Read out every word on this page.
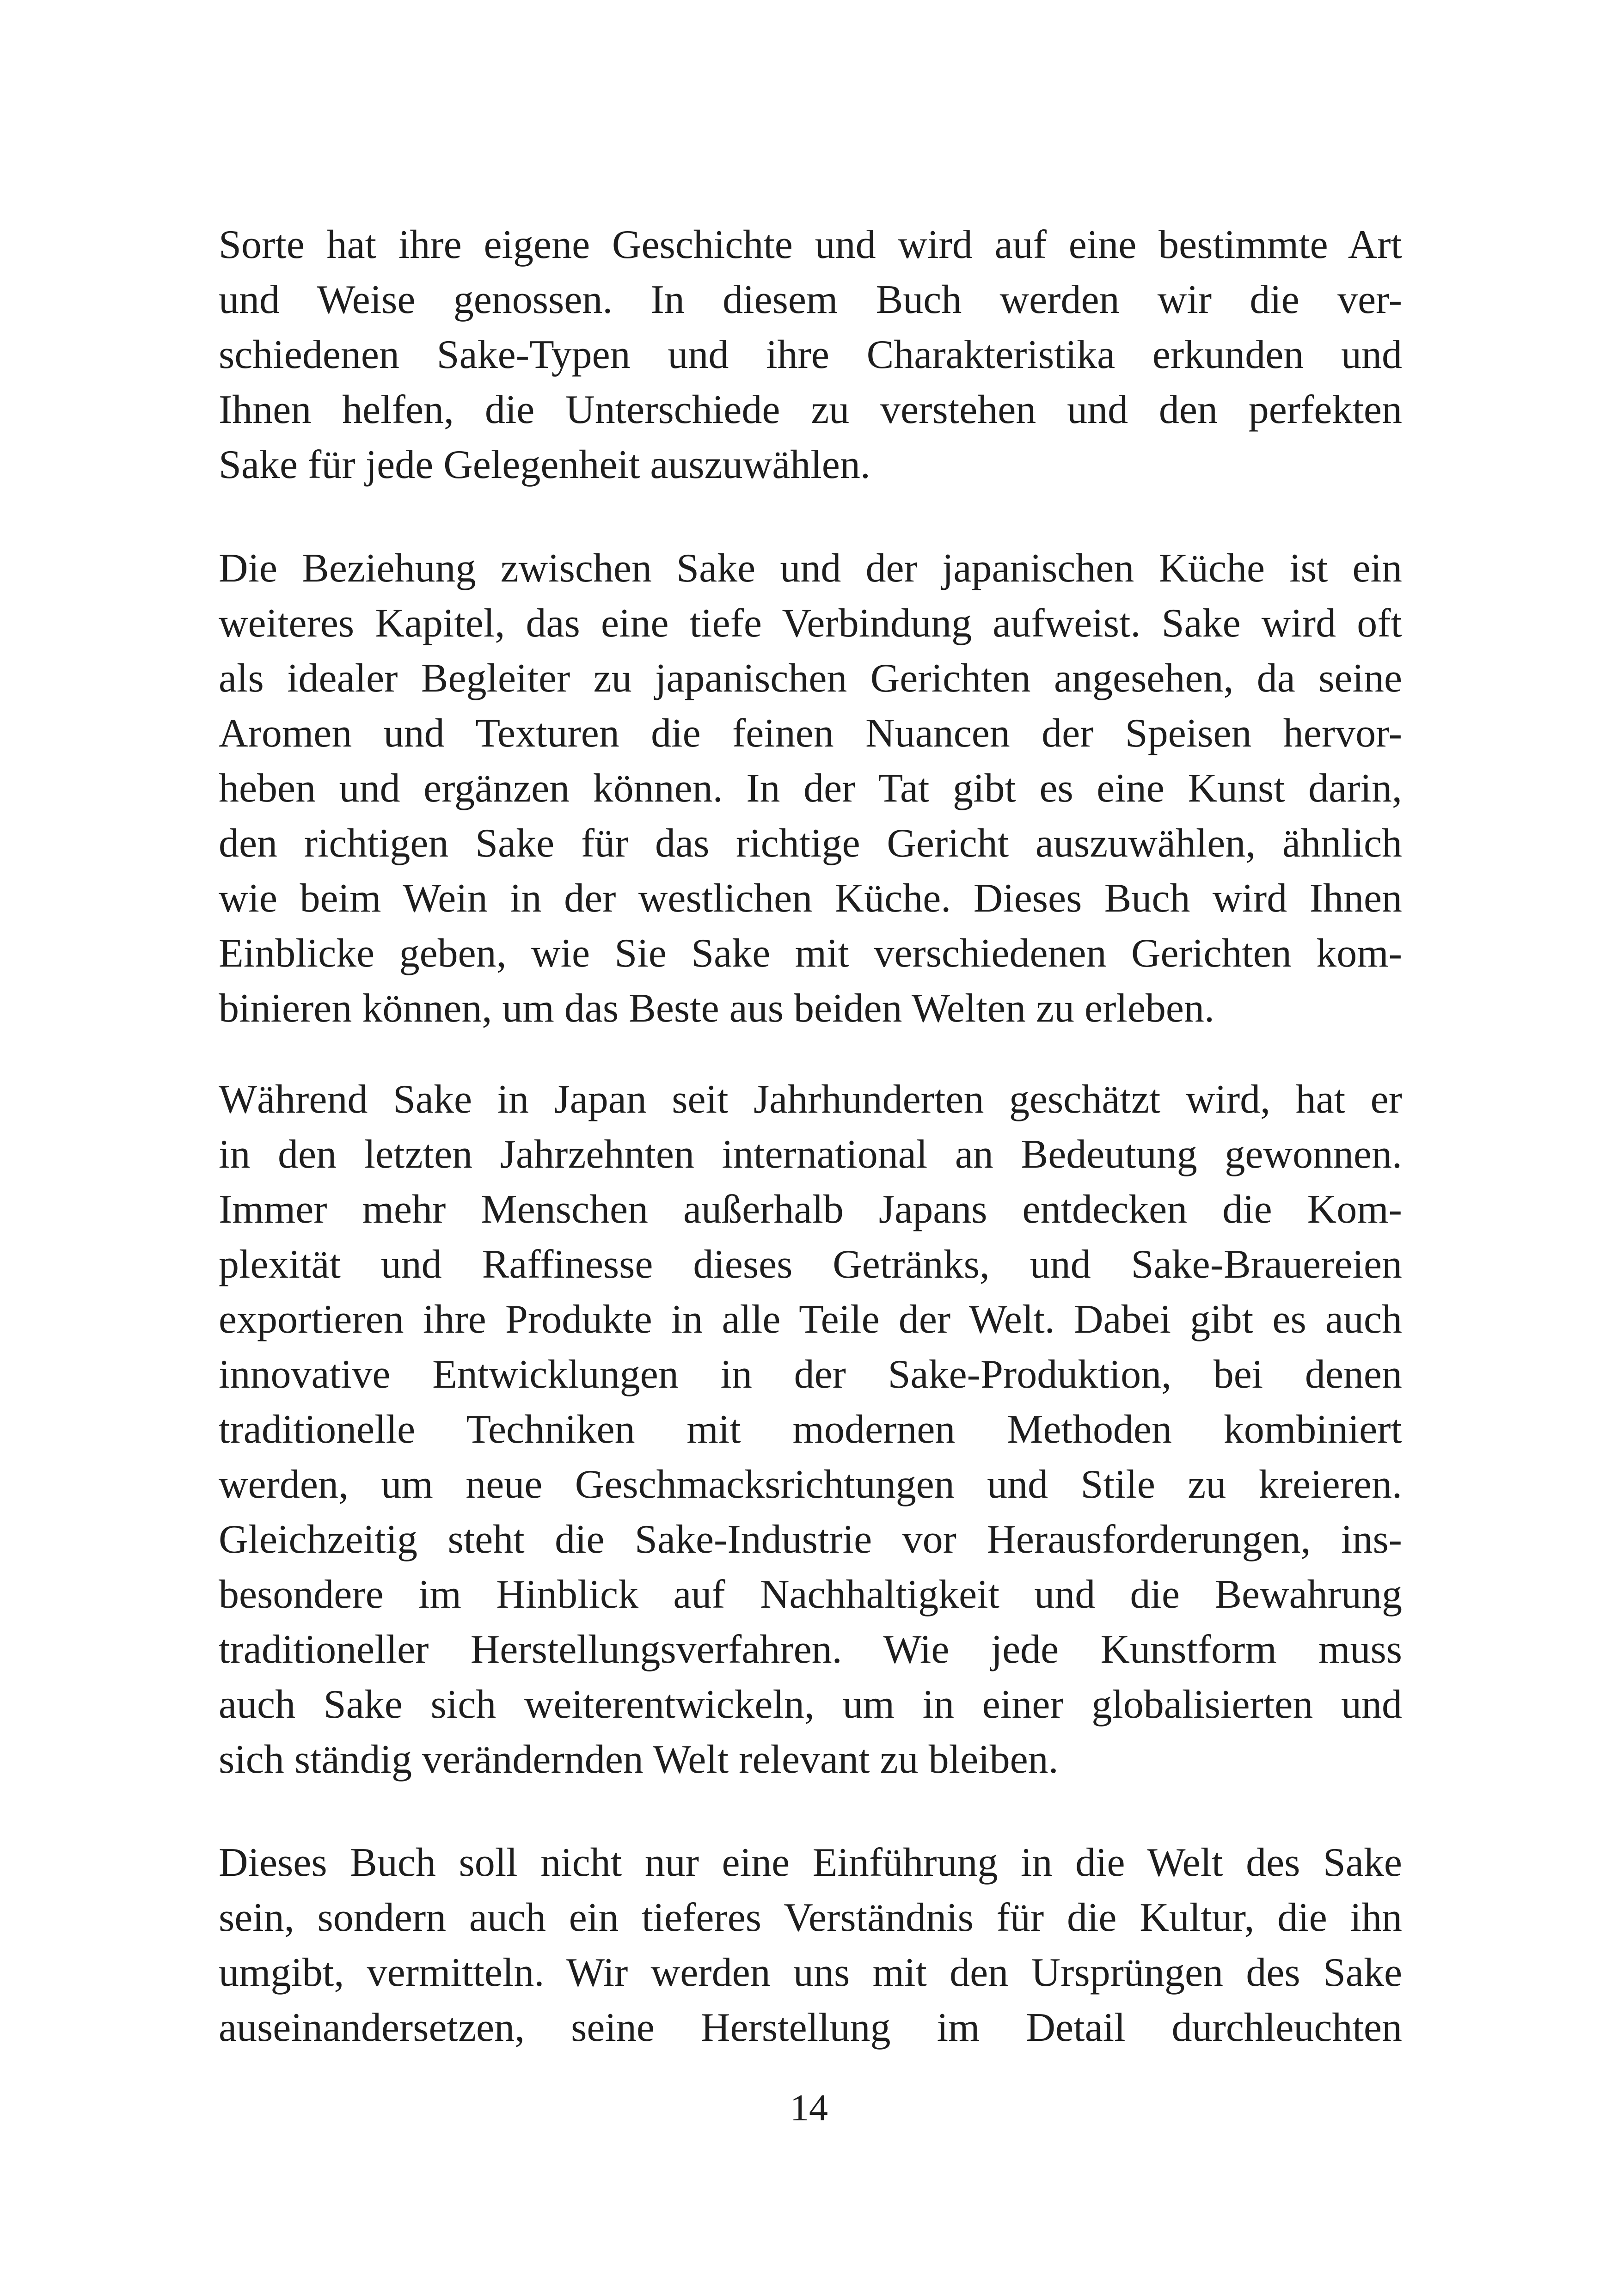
Sorte hat ihre eigene Geschichte und wird auf eine bestimmte Art
und Weise genossen. In diesem Buch werden wir die ver-
schiedenen Sake-Typen und ihre Charakteristika erkunden und
Ihnen helfen, die Unterschiede zu verstehen und den perfekten
Sake für jede Gelegenheit auszuwählen.
Die Beziehung zwischen Sake und der japanischen Küche ist ein
weiteres Kapitel, das eine tiefe Verbindung aufweist. Sake wird oft
als idealer Begleiter zu japanischen Gerichten angesehen, da seine
Aromen und Texturen die feinen Nuancen der Speisen hervor-
heben und ergänzen können. In der Tat gibt es eine Kunst darin,
den richtigen Sake für das richtige Gericht auszuwählen, ähnlich
wie beim Wein in der westlichen Küche. Dieses Buch wird Ihnen
Einblicke geben, wie Sie Sake mit verschiedenen Gerichten kom-
binieren können, um das Beste aus beiden Welten zu erleben.
Während Sake in Japan seit Jahrhunderten geschätzt wird, hat er
in den letzten Jahrzehnten international an Bedeutung gewonnen.
Immer mehr Menschen außerhalb Japans entdecken die Kom-
plexität und Raffinesse dieses Getränks, und Sake-Brauereien
exportieren ihre Produkte in alle Teile der Welt. Dabei gibt es auch
innovative Entwicklungen in der Sake-Produktion, bei denen
traditionelle Techniken mit modernen Methoden kombiniert
werden, um neue Geschmacksrichtungen und Stile zu kreieren.
Gleichzeitig steht die Sake-Industrie vor Herausforderungen, ins-
besondere im Hinblick auf Nachhaltigkeit und die Bewahrung
traditioneller Herstellungsverfahren. Wie jede Kunstform muss
auch Sake sich weiterentwickeln, um in einer globalisierten und
sich ständig verändernden Welt relevant zu bleiben.
Dieses Buch soll nicht nur eine Einführung in die Welt des Sake
sein, sondern auch ein tieferes Verständnis für die Kultur, die ihn
umgibt, vermitteln. Wir werden uns mit den Ursprüngen des Sake
auseinandersetzen, seine Herstellung im Detail durchleuchten
14
